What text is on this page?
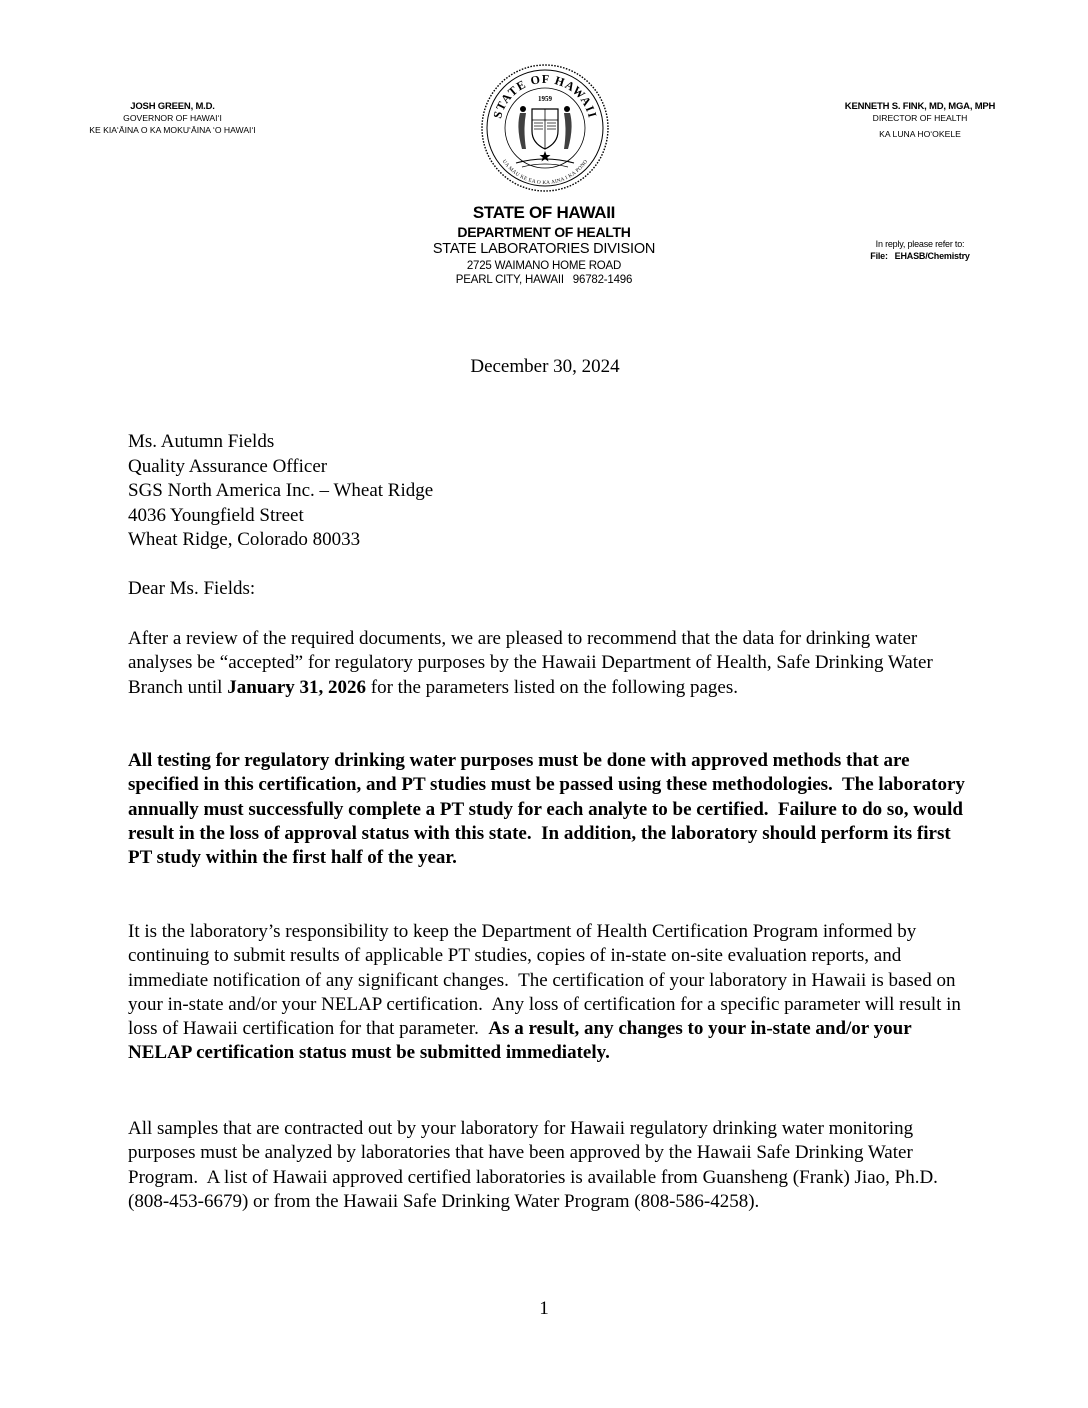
JOSH GREEN, M.D.
GOVERNOR OF HAWAI‘I
KE KIA‘ĀINA O KA MOKU‘ĀINA ‘O HAWAI‘I
STATE OF HAWAII
UA MAU KE EA O KA AINA I KA PONO
1959
KENNETH S. FINK, MD, MGA, MPH
DIRECTOR OF HEALTH
KA LUNA HO‘OKELE
STATE OF HAWAII
DEPARTMENT OF HEALTH
STATE LABORATORIES DIVISION
2725 WAIMANO HOME ROAD
PEARL CITY, HAWAII   96782-1496
In reply, please refer to:
File:   EHASB/Chemistry
December 30, 2024
Ms. Autumn Fields
Quality Assurance Officer
SGS North America Inc. – Wheat Ridge
4036 Youngfield Street
Wheat Ridge, Colorado 80033
Dear Ms. Fields:
After a review of the required documents, we are pleased to recommend that the data for drinking water analyses be “accepted” for regulatory purposes by the Hawaii Department of Health, Safe Drinking Water Branch until January 31, 2026 for the parameters listed on the following pages.
All testing for regulatory drinking water purposes must be done with approved methods that are specified in this certification, and PT studies must be passed using these methodologies.  The laboratory annually must successfully complete a PT study for each analyte to be certified.  Failure to do so, would result in the loss of approval status with this state.  In addition, the laboratory should perform its first PT study within the first half of the year.
It is the laboratory’s responsibility to keep the Department of Health Certification Program informed by continuing to submit results of applicable PT studies, copies of in-state on-site evaluation reports, and immediate notification of any significant changes.  The certification of your laboratory in Hawaii is based on your in-state and/or your NELAP certification.  Any loss of certification for a specific parameter will result in loss of Hawaii certification for that parameter.  As a result, any changes to your in-state and/or your NELAP certification status must be submitted immediately.
All samples that are contracted out by your laboratory for Hawaii regulatory drinking water monitoring purposes must be analyzed by laboratories that have been approved by the Hawaii Safe Drinking Water Program.  A list of Hawaii approved certified laboratories is available from Guansheng (Frank) Jiao, Ph.D. (808-453-6679) or from the Hawaii Safe Drinking Water Program (808-586-4258).
1
